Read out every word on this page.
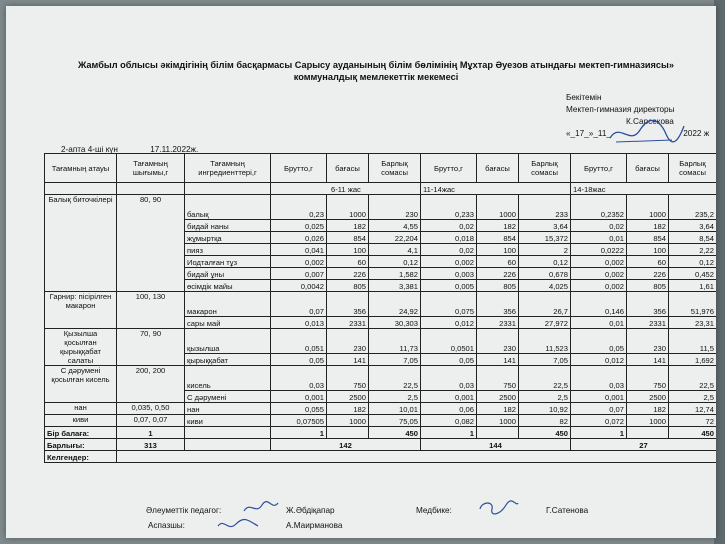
Жамбыл облысы әкімдігінің білім басқармасы Сарысу ауданының білім бөлімінің Мұхтар Әуезов атындағы мектеп-гимназиясы»
коммуналдық мемлекеттік мекемесі
Бекітемін
Мектеп-гимназия директоры
К.Сарсекова
«_17_»_11_	2022 ж
2-апта 4-ші күн	17.11.2022ж.
Тағамның атауы	Тағамның шығымы,г	Тағамның ингредиенттері,г	Брутто,г	бағасы	Барлық сомасы	Брутто,г	бағасы	Барлық сомасы	Брутто,г	бағасы	Барлық сомасы
			6-11 жас			11-14жас			14-18жас		
Балық биточкілері	80, 90	балық	0,23	1000	230	0,233	1000	233	0,2352	1000	235,2
		бидай наны	0,025	182	4,55	0,02	182	3,64	0,02	182	3,64
		жұмыртқа	0,026	854	22,204	0,018	854	15,372	0,01	854	8,54
		пияз	0,041	100	4,1	0,02	100	2	0,0222	100	2,22
		Иодталған тұз	0,002	60	0,12	0,002	60	0,12	0,002	60	0,12
		бидай ұны	0,007	226	1,582	0,003	226	0,678	0,002	226	0,452
		өсімдік майы	0,0042	805	3,381	0,005	805	4,025	0,002	805	1,61
Гарнир: пісірілген макарон	100, 130	макарон	0,07	356	24,92	0,075	356	26,7	0,146	356	51,976
		сары май	0,013	2331	30,303	0,012	2331	27,972	0,01	2331	23,31
Қызылша қосылған қырыққабат салаты	70, 90	қызылша	0,051	230	11,73	0,0501	230	11,523	0,05	230	11,5
		қырыққабат	0,05	141	7,05	0,05	141	7,05	0,012	141	1,692
С дәрумені қосылған кисель	200, 200	кисель	0,03	750	22,5	0,03	750	22,5	0,03	750	22,5
		С дәрумені	0,001	2500	2,5	0,001	2500	2,5	0,001	2500	2,5
нан	0,035, 0,50	нан	0,055	182	10,01	0,06	182	10,92	0,07	182	12,74
киви	0,07, 0,07	киви	0,07505	1000	75,05	0,082	1000	82	0,072	1000	72
Бір балаға:	1		1		450	1		450	1		450
Барлығы:	313		142			144			27		
Келгендер:											
Әлеуметтік педагог:	Ж.Әбдіқапар	Медбике:	Г.Сатенова
Аспазшы:	А.Маирманова
